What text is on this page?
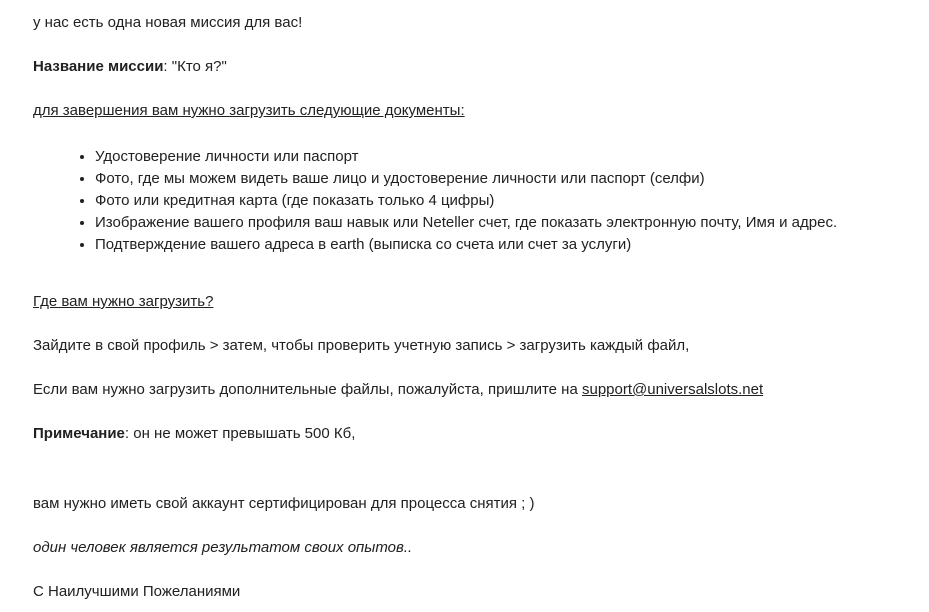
у нас есть одна новая миссия для вас!

Название миссии: "Кто я?"

для завершения вам нужно загрузить следующие документы:

• Удостоверение личности или паспорт
• Фото, где мы можем видеть ваше лицо и удостоверение личности или паспорт (селфи)
• Фото или кредитная карта (где показать только 4 цифры)
• Изображение вашего профиля ваш навык или Neteller счет, где показать электронную почту, Имя и адрес.
• Подтверждение вашего адреса в earth (выписка со счета или счет за услуги)

Где вам нужно загрузить?

Зайдите в свой профиль > затем, чтобы проверить учетную запись > загрузить каждый файл,

Если вам нужно загрузить дополнительные файлы, пожалуйста, пришлите на support@universalslots.net

Примечание: он не может превышать 500 Кб,

вам нужно иметь свой аккаунт сертифицирован для процесса снятия ; )

один человек является результатом своих опытов..

С Наилучшими Пожеланиями
